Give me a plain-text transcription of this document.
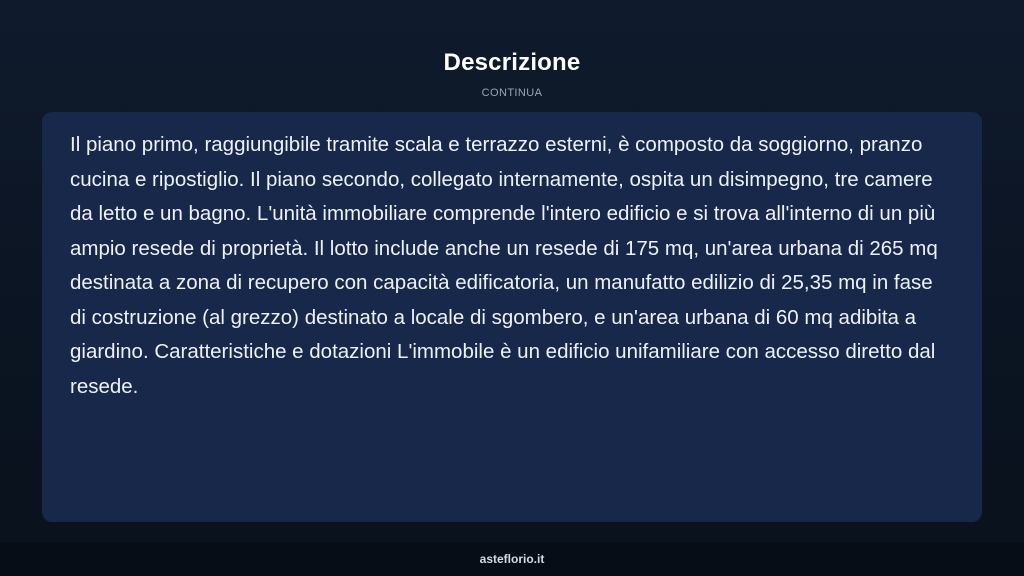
Descrizione
CONTINUA

Il piano primo, raggiungibile tramite scala e terrazzo esterni, è composto da soggiorno, pranzo cucina e ripostiglio. Il piano secondo, collegato internamente, ospita un disimpegno, tre camere da letto e un bagno. L'unità immobiliare comprende l'intero edificio e si trova all'interno di un più ampio resede di proprietà. Il lotto include anche un resede di 175 mq, un'area urbana di 265 mq destinata a zona di recupero con capacità edificatoria, un manufatto edilizio di 25,35 mq in fase di costruzione (al grezzo) destinato a locale di sgombero, e un'area urbana di 60 mq adibita a giardino. Caratteristiche e dotazioni L'immobile è un edificio unifamiliare con accesso diretto dal resede.

asteflorio.it
